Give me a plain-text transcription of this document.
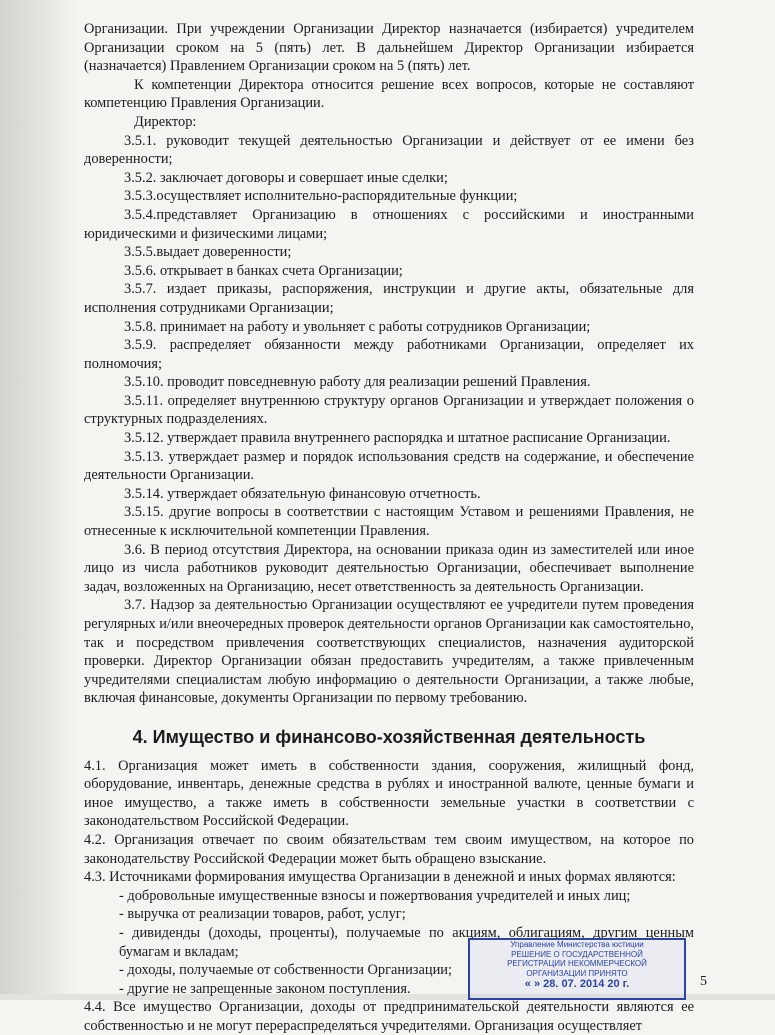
Организации. При учреждении Организации Директор назначается (избирается) учредителем Организации сроком на 5 (пять) лет. В дальнейшем Директор Организации избирается (назначается) Правлением Организации сроком на 5 (пять) лет.

К компетенции Директора относится решение всех вопросов, которые не составляют компетенцию Правления Организации.

Директор:

3.5.1. руководит текущей деятельностью Организации и действует от ее имени без доверенности;

3.5.2. заключает договоры и совершает иные сделки;

3.5.3.осуществляет исполнительно-распорядительные функции;

3.5.4.представляет Организацию в отношениях с российскими и иностранными юридическими и физическими лицами;

3.5.5.выдает доверенности;

3.5.6. открывает в банках счета Организации;

3.5.7. издает приказы, распоряжения, инструкции и другие акты, обязательные для исполнения сотрудниками Организации;

3.5.8. принимает на работу и увольняет с работы сотрудников Организации;

3.5.9. распределяет обязанности между работниками Организации, определяет их полномочия;

3.5.10. проводит повседневную работу для реализации решений Правления.

3.5.11. определяет внутреннюю структуру органов Организации и утверждает положения о структурных подразделениях.

3.5.12. утверждает правила внутреннего распорядка и штатное расписание Организации.

3.5.13. утверждает размер и порядок использования средств на содержание, и обеспечение деятельности Организации.

3.5.14. утверждает обязательную финансовую отчетность.

3.5.15. другие вопросы в соответствии с настоящим Уставом и решениями Правления, не отнесенные к исключительной компетенции Правления.

3.6. В период отсутствия Директора, на основании приказа один из заместителей или иное лицо из числа работников руководит деятельностью Организации, обеспечивает выполнение задач, возложенных на Организацию, несет ответственность за деятельность Организации.

3.7. Надзор за деятельностью Организации осуществляют ее учредители путем проведения регулярных и/или внеочередных проверок деятельности органов Организации как самостоятельно, так и посредством привлечения соответствующих специалистов, назначения аудиторской проверки. Директор Организации обязан предоставить учредителям, а также привлеченным учредителями специалистам любую информацию о деятельности Организации, а также любые, включая финансовые, документы Организации по первому требованию.

4. Имущество и финансово-хозяйственная деятельность

4.1. Организация может иметь в собственности здания, сооружения, жилищный фонд, оборудование, инвентарь, денежные средства в рублях и иностранной валюте, ценные бумаги и иное имущество, а также иметь в собственности земельные участки в соответствии с законодательством Российской Федерации.

4.2. Организация отвечает по своим обязательствам тем своим имуществом, на которое по законодательству Российской Федерации может быть обращено взыскание.

4.3. Источниками формирования имущества Организации в денежной и иных формах являются:

- добровольные имущественные взносы и пожертвования учредителей и иных лиц;

- выручка от реализации товаров, работ, услуг;

- дивиденды (доходы, проценты), получаемые по акциям, облигациям, другим ценным бумагам и вкладам;

- доходы, получаемые от собственности Организации;

- другие не запрещенные законом поступления.

4.4. Все имущество Организации, доходы от предпринимательской деятельности являются ее собственностью и не могут перераспределяться учредителями. Организация осуществляет

Управление Министерства юстиции
РЕШЕНИЕ О ГОСУДАРСТВЕННОЙ
РЕГИСТРАЦИИ НЕКОММЕРЧЕСКОЙ
ОРГАНИЗАЦИИ ПРИНЯТО
« » 28. 07. 2014 20 г.	5
